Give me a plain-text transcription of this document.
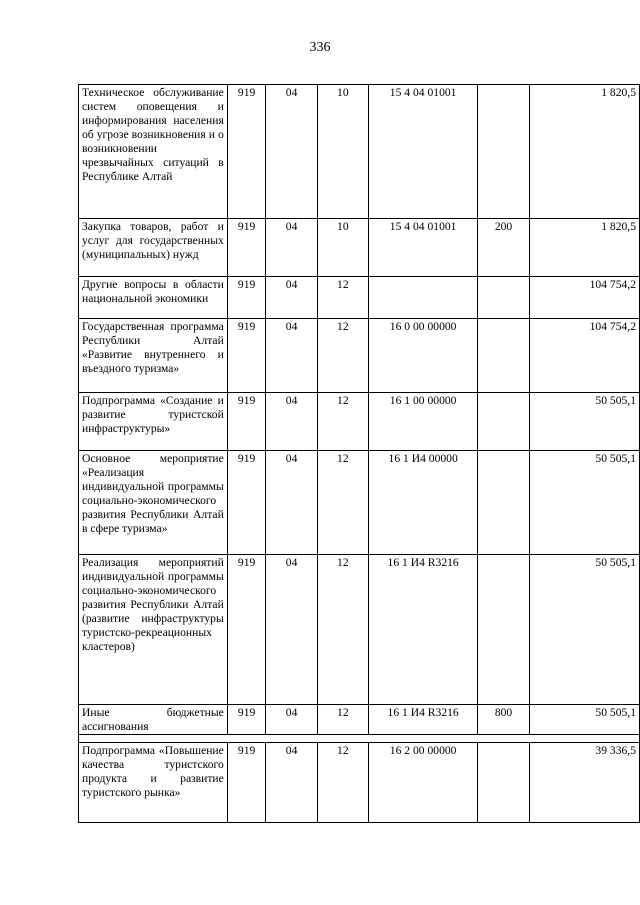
336
Техническое обслуживание систем оповещения и информирования населения об угрозе возникновения и о возникновении чрезвычайных ситуаций в Республике Алтай	919	04	10	15 4 04 01001		1 820,5
Закупка товаров, работ и услуг для государственных (муниципальных) нужд	919	04	10	15 4 04 01001	200	1 820,5
Другие вопросы в области национальной экономики	919	04	12			104 754,2
Государственная программа Республики Алтай «Развитие внутреннего и въездного туризма»	919	04	12	16 0 00 00000		104 754,2
Подпрограмма «Создание и развитие туристской инфраструктуры»	919	04	12	16 1 00 00000		50 505,1
Основное мероприятие «Реализация индивидуальной программы социально-экономического развития Республики Алтай в сфере туризма»	919	04	12	16 1 И4 00000		50 505,1
Реализация мероприятий индивидуальной программы социально-экономического развития Республики Алтай (развитие инфраструктуры туристско-рекреационных кластеров)	919	04	12	16 1 И4 R3216		50 505,1
Иные бюджетные ассигнования	919	04	12	16 1 И4 R3216	800	50 505,1

Подпрограмма «Повышение качества туристского продукта и развитие туристского рынка»	919	04	12	16 2 00 00000		39 336,5
